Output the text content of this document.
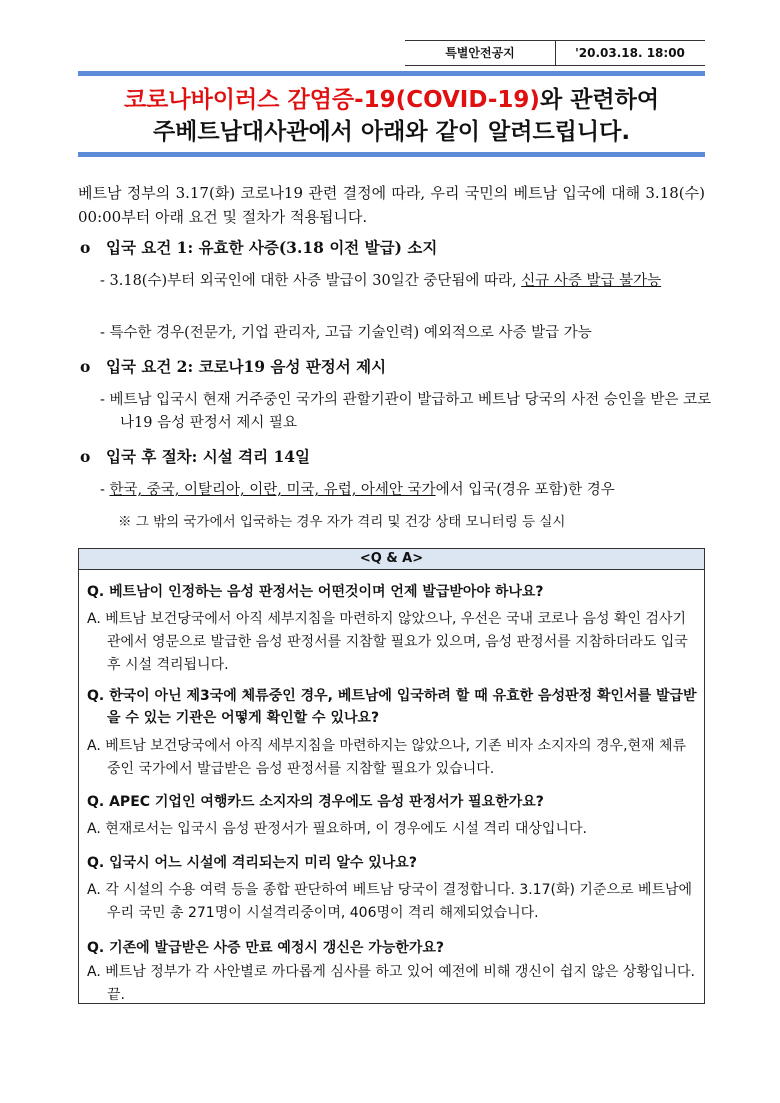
특별안전공지	'20.03.18. 18:00
코로나바이러스 감염증-19(COVID-19)와 관련하여
주베트남대사관에서 아래와 같이 알려드립니다.
베트남 정부의 3.17(화) 코로나19 관련 결정에 따라, 우리 국민의 베트남 입국에 대해 3.18(수) 00:00부터 아래 요건 및 절차가 적용됩니다.
o 입국 요건 1: 유효한 사증(3.18 이전 발급) 소지
- 3.18(수)부터 외국인에 대한 사증 발급이 30일간 중단됨에 따라, 신규 사증 발급 불가능
- 특수한 경우(전문가, 기업 관리자, 고급 기술인력) 예외적으로 사증 발급 가능
o 입국 요건 2: 코로나19 음성 판정서 제시
- 베트남 입국시 현재 거주중인 국가의 관할기관이 발급하고 베트남 당국의 사전 승인을 받은 코로나19 음성 판정서 제시 필요
o 입국 후 절차: 시설 격리 14일
- 한국, 중국, 이탈리아, 이란, 미국, 유럽, 아세안 국가에서 입국(경유 포함)한 경우
※ 그 밖의 국가에서 입국하는 경우 자가 격리 및 건강 상태 모니터링 등 실시
<Q & A>
Q. 베트남이 인정하는 음성 판정서는 어떤것이며 언제 발급받아야 하나요?
A. 베트남 보건당국에서 아직 세부지침을 마련하지 않았으나, 우선은 국내 코로나 음성 확인 검사기관에서 영문으로 발급한 음성 판정서를 지참할 필요가 있으며, 음성 판정서를 지참하더라도 입국 후 시설 격리됩니다.
Q. 한국이 아닌 제3국에 체류중인 경우, 베트남에 입국하려 할 때 유효한 음성판정 확인서를 발급받을 수 있는 기관은 어떻게 확인할 수 있나요?
A. 베트남 보건당국에서 아직 세부지침을 마련하지는 않았으나, 기존 비자 소지자의 경우,현재 체류중인 국가에서 발급받은 음성 판정서를 지참할 필요가 있습니다.
Q. APEC 기업인 여행카드 소지자의 경우에도 음성 판정서가 필요한가요?
A. 현재로서는 입국시 음성 판정서가 필요하며, 이 경우에도 시설 격리 대상입니다.
Q. 입국시 어느 시설에 격리되는지 미리 알수 있나요?
A. 각 시설의 수용 여력 등을 종합 판단하여 베트남 당국이 결정합니다. 3.17(화) 기준으로 베트남에 우리 국민 총 271명이 시설격리중이며, 406명이 격리 해제되었습니다.
Q. 기존에 발급받은 사증 만료 예정시 갱신은 가능한가요?
A. 베트남 정부가 각 사안별로 까다롭게 심사를 하고 있어 예전에 비해 갱신이 쉽지 않은 상황입니다. 끝.
